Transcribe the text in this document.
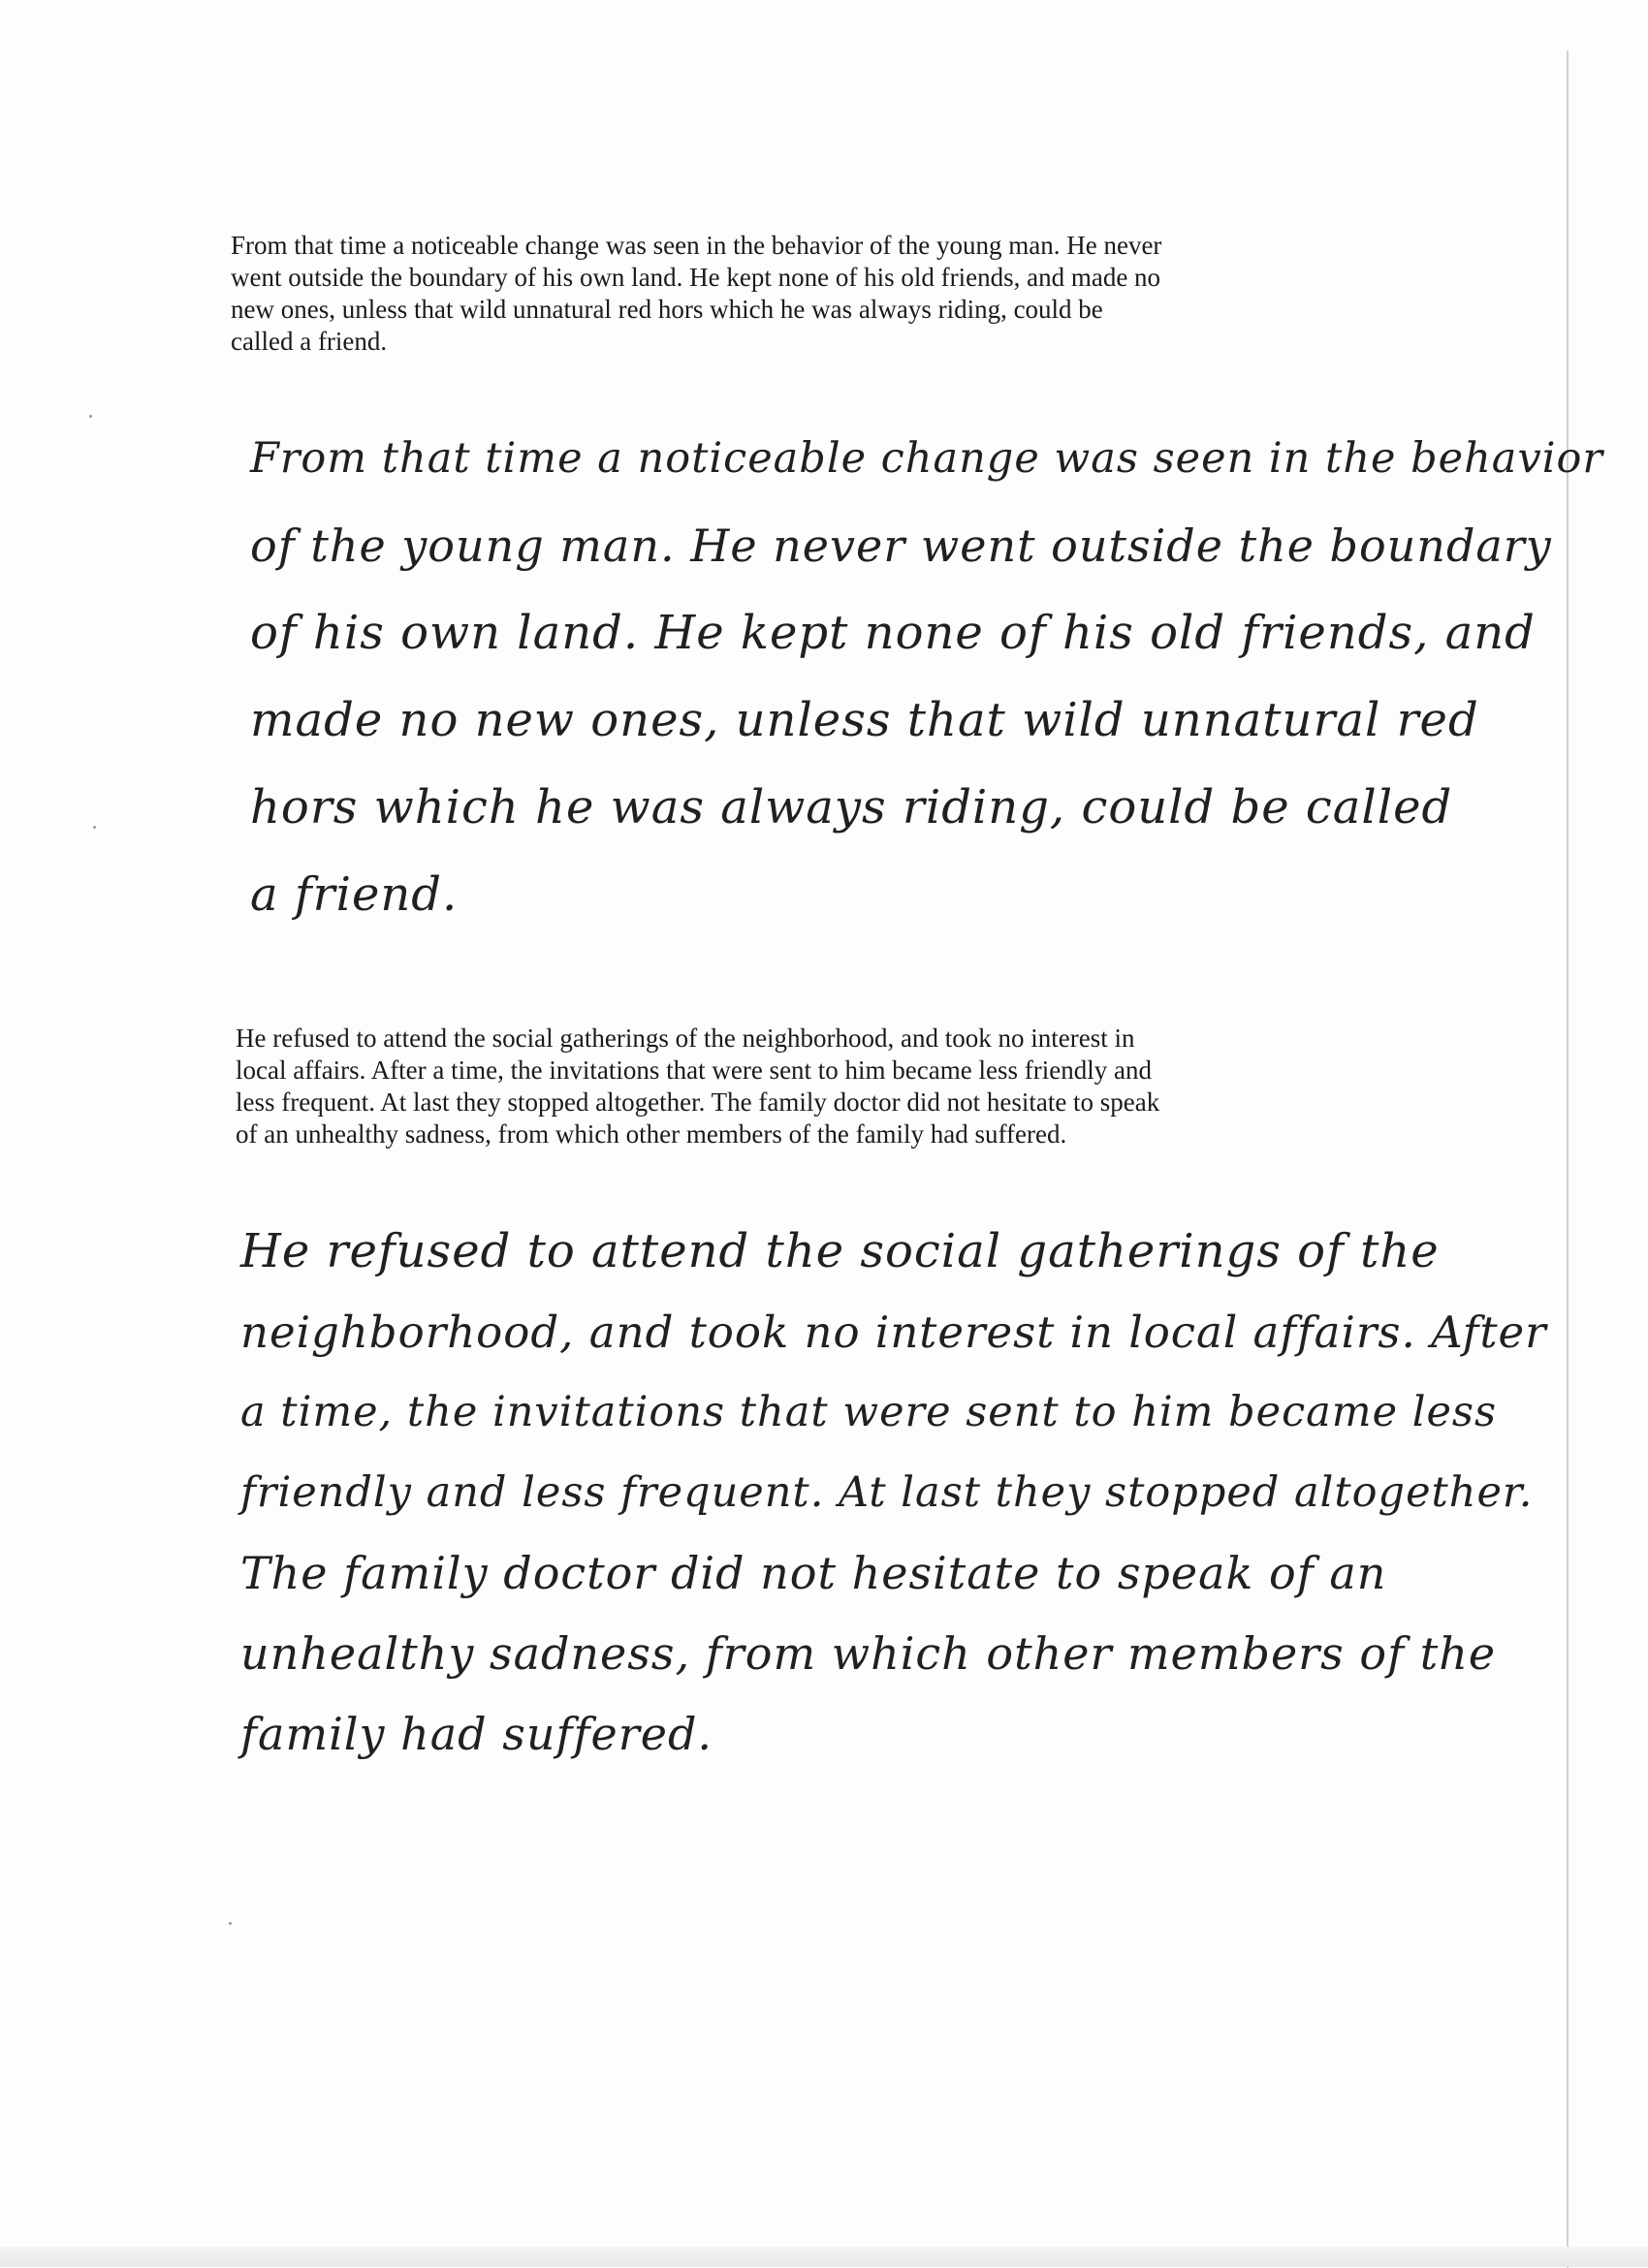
From that time a noticeable change was seen in the behavior of the young man. He never
went outside the boundary of his own land. He kept none of his old friends, and made no
new ones, unless that wild unnatural red hors which he was always riding, could be
called a friend.
From that time a noticeable change was seen in the behavior
of the young man. He never went outside the boundary
of his own land. He kept none of his old friends, and
made no new ones, unless that wild unnatural red
hors which he was always riding, could be called
a friend.
He refused to attend the social gatherings of the neighborhood, and took no interest in
local affairs. After a time, the invitations that were sent to him became less friendly and
less frequent. At last they stopped altogether. The family doctor did not hesitate to speak
of an unhealthy sadness, from which other members of the family had suffered.
He refused to attend the social gatherings of the
neighborhood, and took no interest in local affairs. After
a time, the invitations that were sent to him became less
friendly and less frequent. At last they stopped altogether.
The family doctor did not hesitate to speak of an
unhealthy sadness, from which other members of the
family had suffered.
